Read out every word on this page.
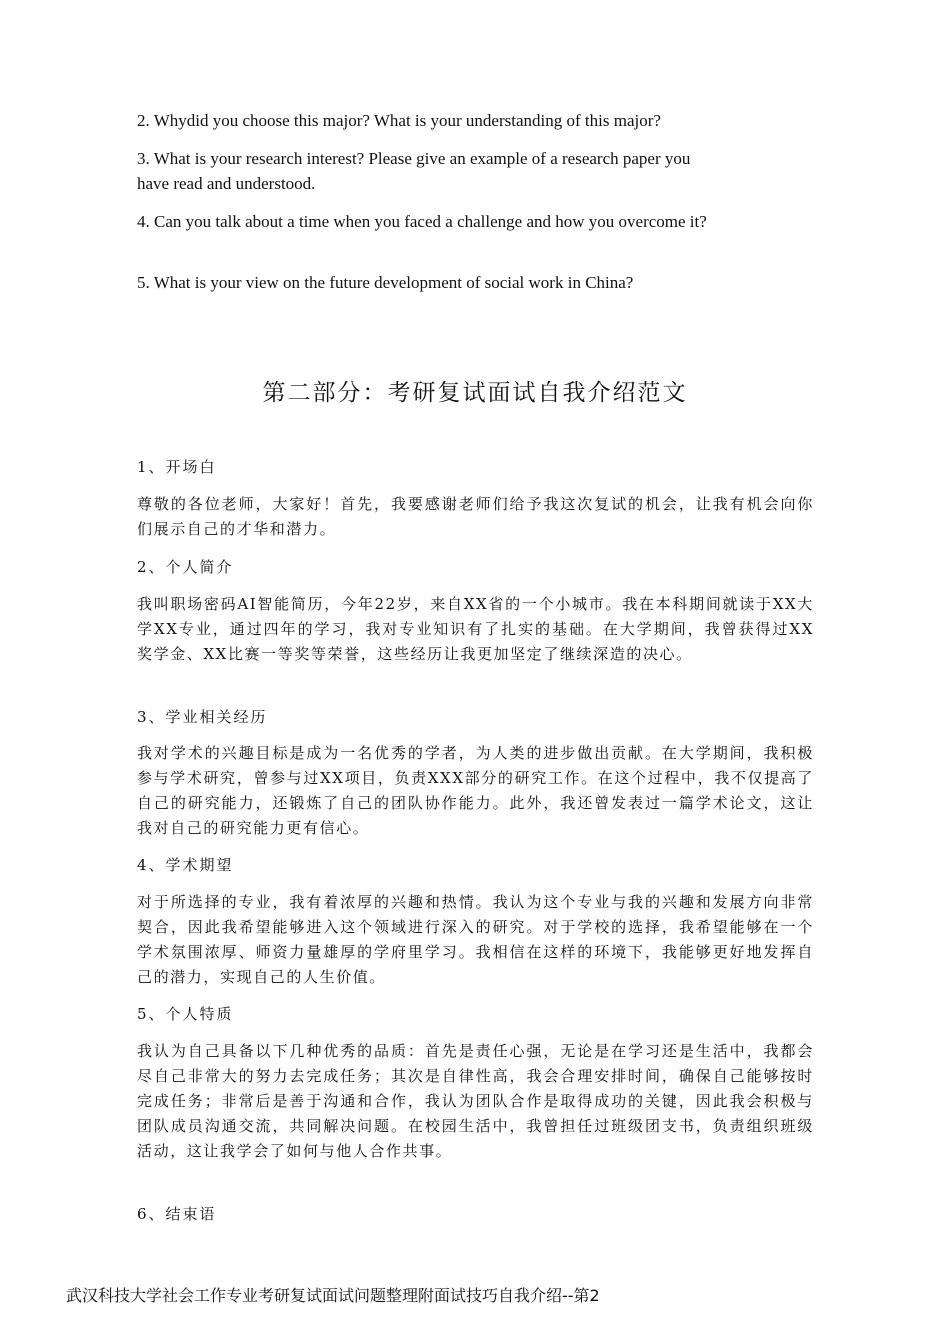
2. Whydid you choose this major? What is your understanding of this major?
3. What is your research interest? Please give an example of a research paper you have read and understood.
4. Can you talk about a time when you faced a challenge and how you overcome it?
5. What is your view on the future development of social work in China?
第二部分：考研复试面试自我介绍范文
1、开场白
尊敬的各位老师，大家好！首先，我要感谢老师们给予我这次复试的机会，让我有机会向你们展示自己的才华和潜力。
2、个人简介
我叫职场密码AI智能简历，今年22岁，来自XX省的一个小城市。我在本科期间就读于XX大学XX专业，通过四年的学习，我对专业知识有了扎实的基础。在大学期间，我曾获得过XX奖学金、XX比赛一等奖等荣誉，这些经历让我更加坚定了继续深造的决心。
3、学业相关经历
我对学术的兴趣目标是成为一名优秀的学者，为人类的进步做出贡献。在大学期间，我积极参与学术研究，曾参与过XX项目，负责XXX部分的研究工作。在这个过程中，我不仅提高了自己的研究能力，还锻炼了自己的团队协作能力。此外，我还曾发表过一篇学术论文，这让我对自己的研究能力更有信心。
4、学术期望
对于所选择的专业，我有着浓厚的兴趣和热情。我认为这个专业与我的兴趣和发展方向非常契合，因此我希望能够进入这个领域进行深入的研究。对于学校的选择，我希望能够在一个学术氛围浓厚、师资力量雄厚的学府里学习。我相信在这样的环境下，我能够更好地发挥自己的潜力，实现自己的人生价值。
5、个人特质
我认为自己具备以下几种优秀的品质：首先是责任心强，无论是在学习还是生活中，我都会尽自己非常大的努力去完成任务；其次是自律性高，我会合理安排时间，确保自己能够按时完成任务；非常后是善于沟通和合作，我认为团队合作是取得成功的关键，因此我会积极与团队成员沟通交流，共同解决问题。在校园生活中，我曾担任过班级团支书，负责组织班级活动，这让我学会了如何与他人合作共事。
6、结束语
武汉科技大学社会工作专业考研复试面试问题整理附面试技巧自我介绍--第2
